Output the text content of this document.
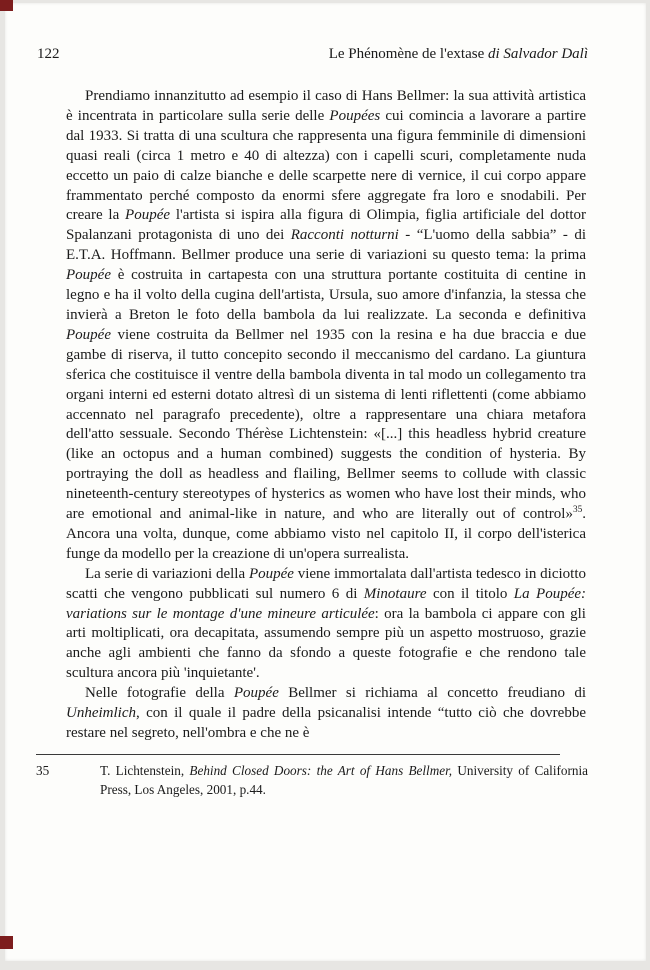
122	Le Phénomène de l'extase di Salvador Dalì

Prendiamo innanzitutto ad esempio il caso di Hans Bellmer: la sua attività artistica è incentrata in particolare sulla serie delle Poupées cui comincia a lavorare a partire dal 1933. Si tratta di una scultura che rappresenta una figura femminile di dimensioni quasi reali (circa 1 metro e 40 di altezza) con i capelli scuri, completamente nuda eccetto un paio di calze bianche e delle scarpette nere di vernice, il cui corpo appare frammentato perché composto da enormi sfere aggregate fra loro e snodabili. Per creare la Poupée l'artista si ispira alla figura di Olimpia, figlia artificiale del dottor Spalanzani protagonista di uno dei Racconti notturni - “L'uomo della sabbia” - di E.T.A. Hoffmann. Bellmer produce una serie di variazioni su questo tema: la prima Poupée è costruita in cartapesta con una struttura portante costituita di centine in legno e ha il volto della cugina dell'artista, Ursula, suo amore d'infanzia, la stessa che invierà a Breton le foto della bambola da lui realizzate. La seconda e definitiva Poupée viene costruita da Bellmer nel 1935 con la resina e ha due braccia e due gambe di riserva, il tutto concepito secondo il meccanismo del cardano. La giuntura sferica che costituisce il ventre della bambola diventa in tal modo un collegamento tra organi interni ed esterni dotato altresì di un sistema di lenti riflettenti (come abbiamo accennato nel paragrafo precedente), oltre a rappresentare una chiara metafora dell'atto sessuale. Secondo Thérèse Lichtenstein: «[...] this headless hybrid creature (like an octopus and a human combined) suggests the condition of hysteria. By portraying the doll as headless and flailing, Bellmer seems to collude with classic nineteenth-century stereotypes of hysterics as women who have lost their minds, who are emotional and animal-like in nature, and who are literally out of control»$^{35}$. Ancora una volta, dunque, come abbiamo visto nel capitolo II, il corpo dell'isterica funge da modello per la creazione di un'opera surrealista.

La serie di variazioni della Poupée viene immortalata dall'artista tedesco in diciotto scatti che vengono pubblicati sul numero 6 di Minotaure con il titolo La Poupée: variations sur le montage d'une mineure articulée: ora la bambola ci appare con gli arti moltiplicati, ora decapitata, assumendo sempre più un aspetto mostruoso, grazie anche agli ambienti che fanno da sfondo a queste fotografie e che rendono tale scultura ancora più 'inquietante'.

Nelle fotografie della Poupée Bellmer si richiama al concetto freudiano di Unheimlich, con il quale il padre della psicanalisi intende “tutto ciò che dovrebbe restare nel segreto, nell'ombra e che ne è

35	T. Lichtenstein, Behind Closed Doors: the Art of Hans Bellmer, University of California Press, Los Angeles, 2001, p.44.
